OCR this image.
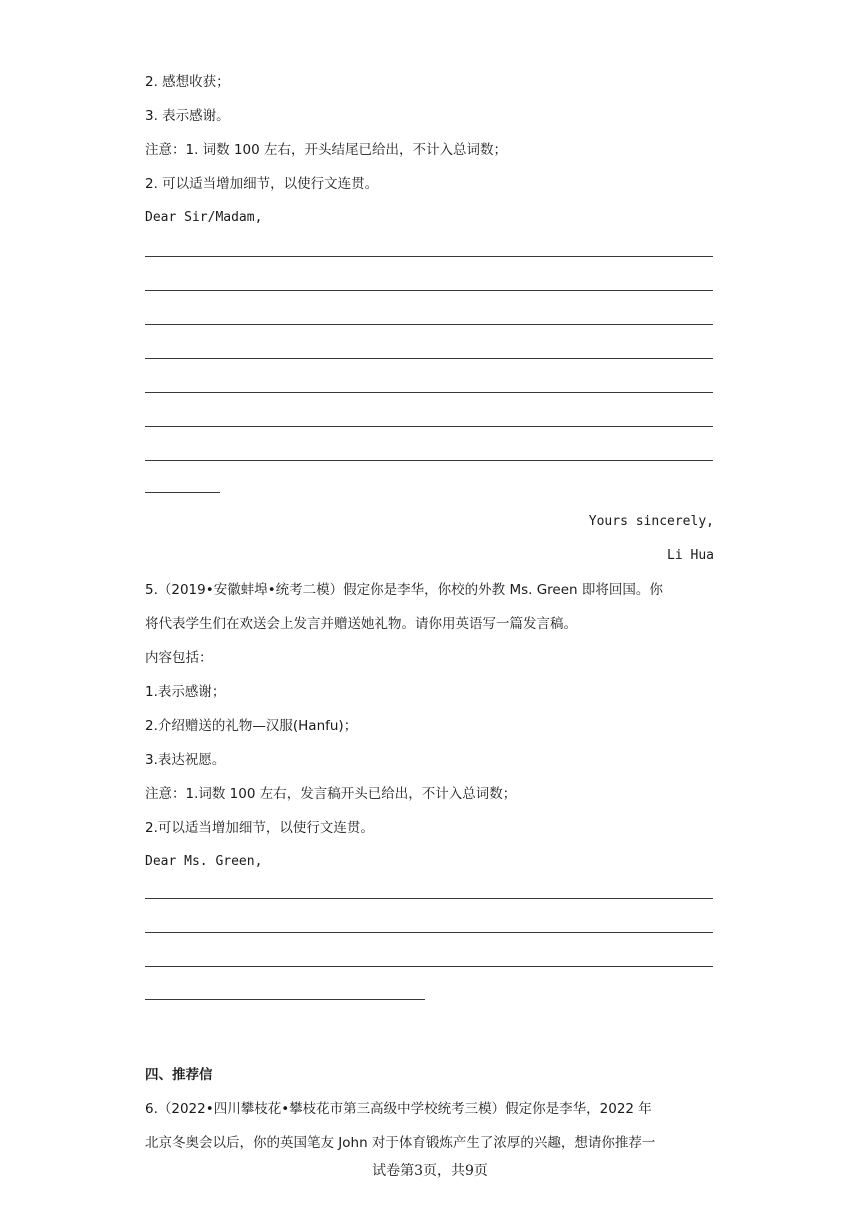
2. 感想收获；
3. 表示感谢。
注意：1. 词数 100 左右，开头结尾已给出，不计入总词数；
2. 可以适当增加细节，以使行文连贯。
Dear Sir/Madam,
Yours sincerely,
Li Hua
5.（2019•安徽蚌埠•统考二模）假定你是李华，你校的外教 Ms. Green 即将回国。你
将代表学生们在欢送会上发言并赠送她礼物。请你用英语写一篇发言稿。
内容包括：
1.表示感谢；
2.介绍赠送的礼物—汉服(Hanfu)；
3.表达祝愿。
注意：1.词数 100 左右，发言稿开头已给出，不计入总词数；
2.可以适当增加细节，以使行文连贯。
Dear Ms. Green,
四、推荐信
6.（2022•四川攀枝花•攀枝花市第三高级中学校统考三模）假定你是李华，2022 年
北京冬奥会以后，你的英国笔友 John 对于体育锻炼产生了浓厚的兴趣，想请你推荐一
试卷第3页，共9页
